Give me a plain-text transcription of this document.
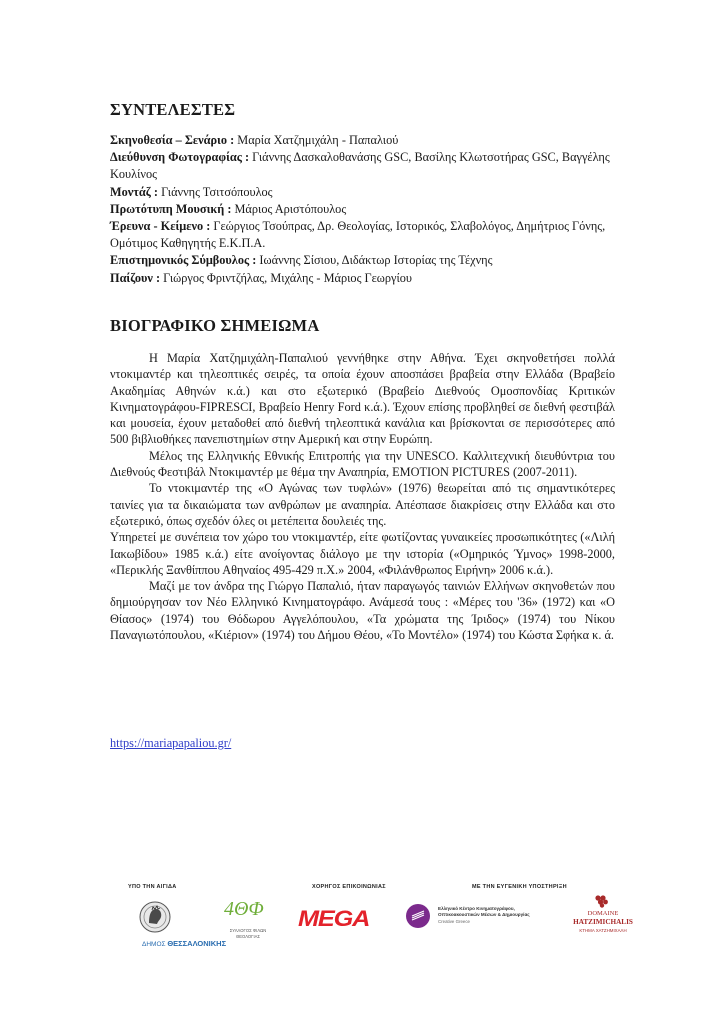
ΣΥΝΤΕΛΕΣΤΕΣ

Σκηνοθεσία – Σενάριο : Μαρία Χατζημιχάλη - Παπαλιού

Διεύθυνση Φωτογραφίας : Γιάννης Δασκαλοθανάσης GSC, Βασίλης Κλωτσοτήρας GSC, Βαγγέλης Κουλίνος

Μοντάζ : Γιάννης Τσιτσόπουλος

Πρωτότυπη Μουσική : Μάριος Αριστόπουλος

Έρευνα - Κείμενο : Γεώργιος Τσούπρας, Δρ. Θεολογίας, Ιστορικός, Σλαβολόγος, Δημήτριος Γόνης, Ομότιμος Καθηγητής Ε.Κ.Π.Α.

Επιστημονικός Σύμβουλος : Ιωάννης Σίσιου, Διδάκτωρ Ιστορίας της Τέχνης

Παίζουν : Γιώργος Φριντζήλας, Μιχάλης - Μάριος Γεωργίου

ΒΙΟΓΡΑΦΙΚΟ ΣΗΜΕΙΩΜΑ

Η Μαρία Χατζημιχάλη-Παπαλιού γεννήθηκε στην Αθήνα. Έχει σκηνοθετήσει πολλά ντοκιμαντέρ και τηλεοπτικές σειρές, τα οποία έχουν αποσπάσει βραβεία στην Ελλάδα (Βραβείο Ακαδημίας Αθηνών κ.ά.) και στο εξωτερικό (Βραβείο Διεθνούς Ομοσπονδίας Κριτικών Κινηματογράφου-FIPRESCI, Βραβείο Henry Ford κ.ά.). Έχουν επίσης προβληθεί σε διεθνή φεστιβάλ και μουσεία, έχουν μεταδοθεί από διεθνή τηλεοπτικά κανάλια και βρίσκονται σε περισσότερες από 500 βιβλιοθήκες πανεπιστημίων στην Αμερική και στην Ευρώπη.

Μέλος της Ελληνικής Εθνικής Επιτροπής για την UNESCO. Καλλιτεχνική διευθύντρια του Διεθνούς Φεστιβάλ Ντοκιμαντέρ με θέμα την Αναπηρία, EMOTION PICTURES (2007-2011).

Το ντοκιμαντέρ της «Ο Αγώνας των τυφλών» (1976) θεωρείται από τις σημαντικότερες ταινίες για τα δικαιώματα των ανθρώπων με αναπηρία. Απέσπασε διακρίσεις στην Ελλάδα και στο εξωτερικό, όπως σχεδόν όλες οι μετέπειτα δουλειές της.

Υπηρετεί με συνέπεια τον χώρο του ντοκιμαντέρ, είτε φωτίζοντας γυναικείες προσωπικότητες («Λιλή Ιακωβίδου» 1985 κ.ά.) είτε ανοίγοντας διάλογο με την ιστορία («Ομηρικός Ύμνος» 1998-2000, «Περικλής Ξανθίππου Αθηναίος 495-429 π.Χ.» 2004, «Φιλάνθρωπος Ειρήνη» 2006 κ.ά.).

Μαζί με τον άνδρα της Γιώργο Παπαλιό, ήταν παραγωγός ταινιών Ελλήνων σκηνοθετών που δημιούργησαν τον Νέο Ελληνικό Κινηματογράφο. Ανάμεσά τους : «Μέρες του '36» (1972) και «Ο Θίασος» (1974) του Θόδωρου Αγγελόπουλου, «Τα χρώματα της Ίριδος» (1974) του Νίκου Παναγιωτόπουλου, «Κιέριον» (1974) του Δήμου Θέου, «Το Μοντέλο» (1974) του Κώστα Σφήκα κ. ά.

https://mariapapaliou.gr/
ΥΠΟ ΤΗΝ ΑΙΓΙΔΑ	ΧΟΡΗΓΟΣ ΕΠΙΚΟΙΝΩΝΙΑΣ	ΜΕ ΤΗΝ ΕΥΓΕΝΙΚΗ ΥΠΟΣΤΗΡΙΞΗ
ΔΗΜΟΣ ΘΕΣΣΑΛΟΝΙΚΗΣ
4ΘΦ
ΣΥΛΛΟΓΟΣ ΦΙΛΩΝ ΘΕΟΛΟΓΙΑΣ
MEGA	Ελληνικό Κέντρο Κινηματογράφου,
Οπτικοακουστικών Μέσων & Δημιουργίας
Creative Greece
DOMAINE
HATZIMICHALIS
ΚΤΗΜΑ ΧΑΤΖΗΜΙΧΑΛΗ
